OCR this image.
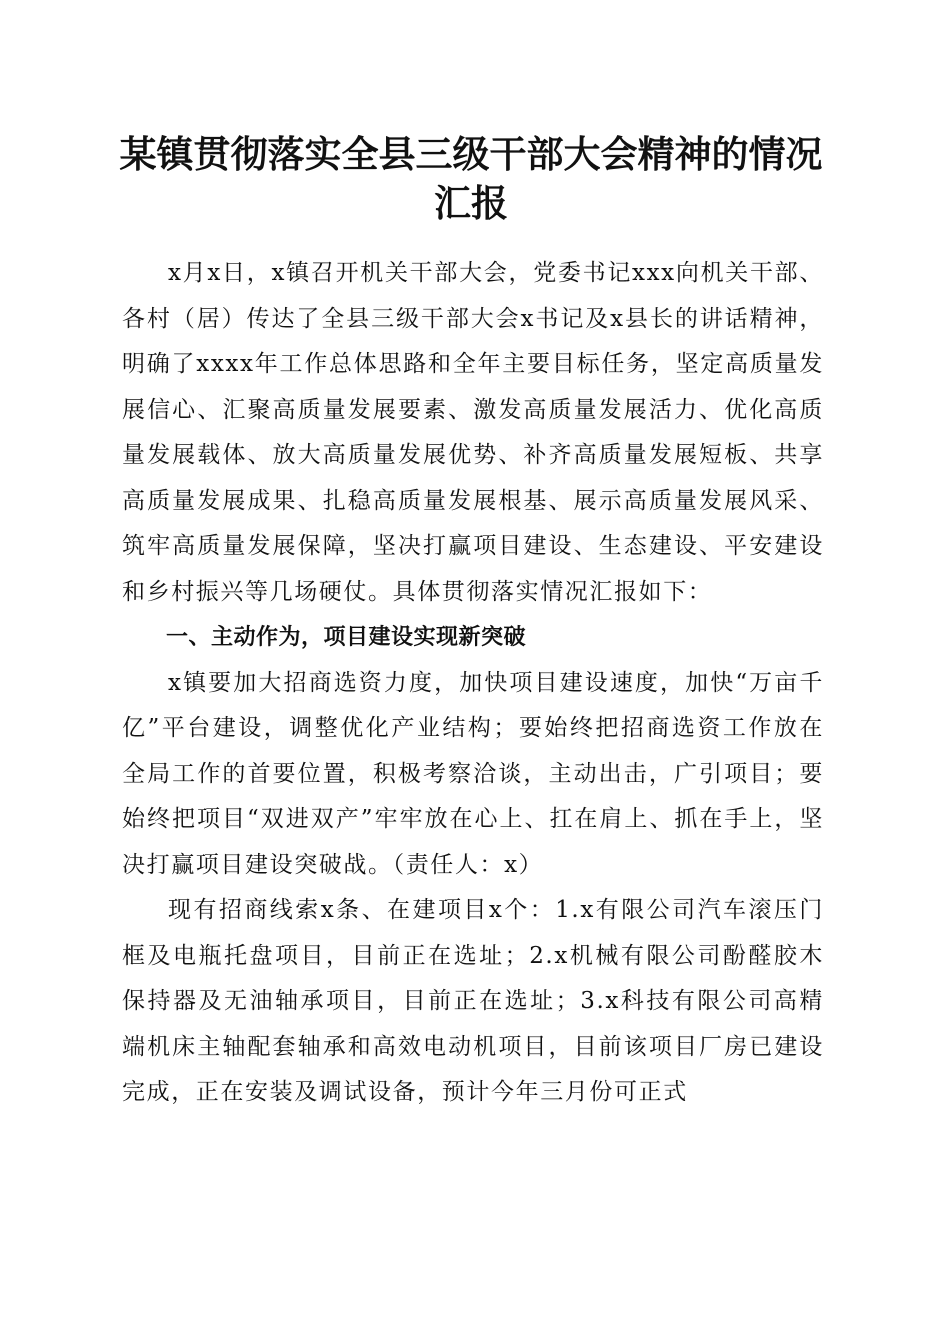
某镇贯彻落实全县三级干部大会精神的情况汇报

x月x日，x镇召开机关干部大会，党委书记xxx向机关干部、各村（居）传达了全县三级干部大会x书记及x县长的讲话精神，明确了xxxx年工作总体思路和全年主要目标任务，坚定高质量发展信心、汇聚高质量发展要素、激发高质量发展活力、优化高质量发展载体、放大高质量发展优势、补齐高质量发展短板、共享高质量发展成果、扎稳高质量发展根基、展示高质量发展风采、筑牢高质量发展保障，坚决打赢项目建设、生态建设、平安建设和乡村振兴等几场硬仗。具体贯彻落实情况汇报如下：

一、主动作为，项目建设实现新突破

x镇要加大招商选资力度，加快项目建设速度，加快“万亩千亿”平台建设，调整优化产业结构；要始终把招商选资工作放在全局工作的首要位置，积极考察洽谈，主动出击，广引项目；要始终把项目“双进双产”牢牢放在心上、扛在肩上、抓在手上，坚决打赢项目建设突破战。（责任人：x）

现有招商线索x条、在建项目x个：1.x有限公司汽车滚压门框及电瓶托盘项目，目前正在选址；2.x机械有限公司酚醛胶木保持器及无油轴承项目，目前正在选址；3.x科技有限公司高精端机床主轴配套轴承和高效电动机项目，目前该项目厂房已建设完成，正在安装及调试设备，预计今年三月份可正式
